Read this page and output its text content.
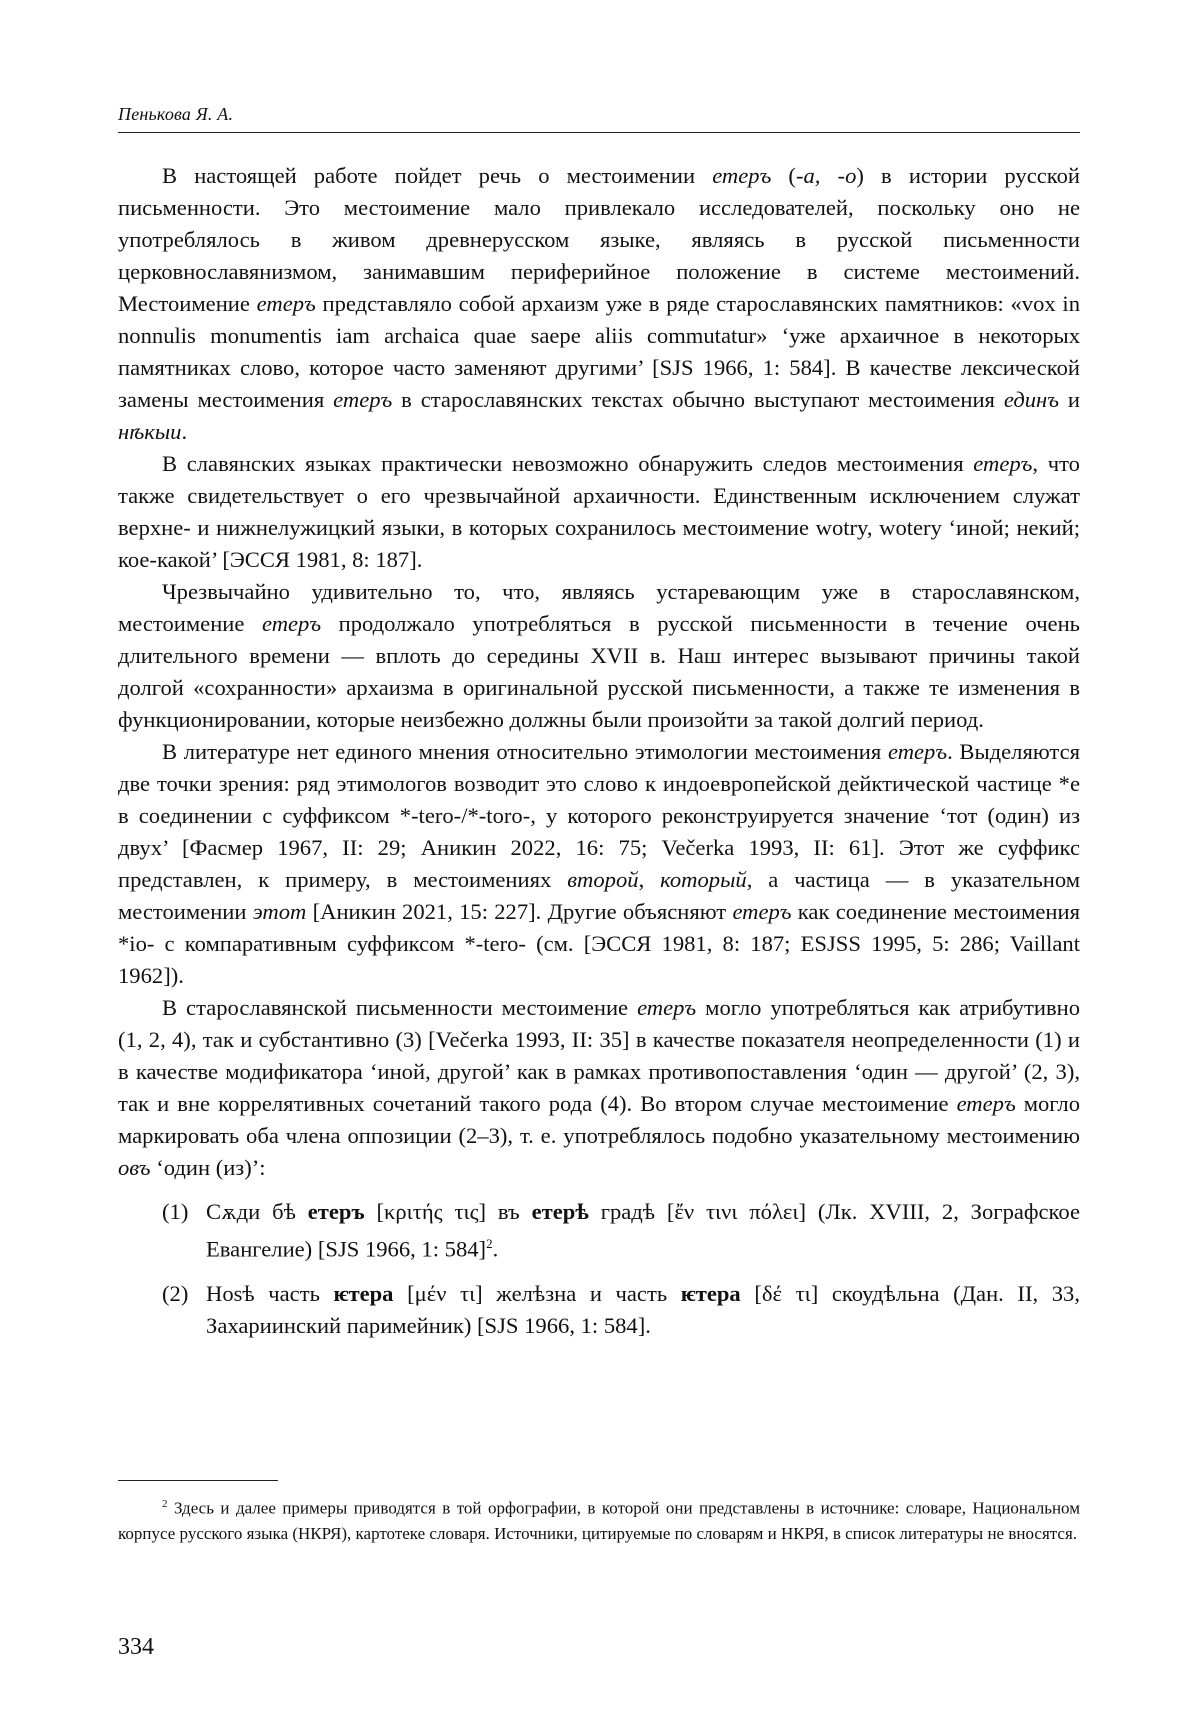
Пенькова Я. А.

В настоящей работе пойдет речь о местоимении етеръ (-а, -о) в истории русской письменности. Это местоимение мало привлекало исследователей, поскольку оно не употреблялось в живом древнерусском языке, являясь в русской письменности церковнославянизмом, занимавшим периферийное положение в системе местоимений. Местоимение етеръ представляло собой архаизм уже в ряде старославянских памятников: «vox in nonnulis monumentis iam archaica quae saepe aliis commutatur» ‘уже архаичное в некоторых памятниках слово, которое часто заменяют другими’ [SJS 1966, 1: 584]. В качестве лексической замены местоимения етеръ в старославянских текстах обычно выступают местоимения единъ и нѣкыи.

В славянских языках практически невозможно обнаружить следов местоимения етеръ, что также свидетельствует о его чрезвычайной архаичности. Единственным исключением служат верхне- и нижнелужицкий языки, в которых сохранилось местоимение wotry, wotery ‘иной; некий; кое-какой’ [ЭССЯ 1981, 8: 187].

Чрезвычайно удивительно то, что, являясь устаревающим уже в старославянском, местоимение етеръ продолжало употребляться в русской письменности в течение очень длительного времени — вплоть до середины XVII в. Наш интерес вызывают причины такой долгой «сохранности» архаизма в оригинальной русской письменности, а также те изменения в функционировании, которые неизбежно должны были произойти за такой долгий период.

В литературе нет единого мнения относительно этимологии местоимения етеръ. Выделяются две точки зрения: ряд этимологов возводит это слово к индоевропейской дейктической частице *e в соединении с суффиксом *-tero-/*-toro-, у которого реконструируется значение ‘тот (один) из двух’ [Фасмер 1967, II: 29; Аникин 2022, 16: 75; Večerka 1993, II: 61]. Этот же суффикс представлен, к примеру, в местоимениях второй, который, а частица — в указательном местоимении этот [Аникин 2021, 15: 227]. Другие объясняют етеръ как соединение местоимения *io- с компаративным суффиксом *-tero- (см. [ЭССЯ 1981, 8: 187; ESJSS 1995, 5: 286; Vaillant 1962]).

В старославянской письменности местоимение етеръ могло употребляться как атрибутивно (1, 2, 4), так и субстантивно (3) [Večerka 1993, II: 35] в качестве показателя неопределенности (1) и в качестве модификатора ‘иной, другой’ как в рамках противопоставления ‘один — другой’ (2, 3), так и вне коррелятивных сочетаний такого рода (4). Во втором случае местоимение етеръ могло маркировать оба члена оппозиции (2–3), т. е. употреблялось подобно указательному местоимению овъ ‘один (из)’:

(1) Сѫди бѣ етеръ [κριτής τις] въ етерѣ градѣ [ἔν τινι πόλει] (Лк. XVIII, 2, Зографское Евангелие) [SJS 1966, 1: 584]$^2$.
(2) Ноѕѣ часть ѥтера [μέν τι] желѣзна и часть ѥтера [δέ τι] скоудѣльна (Дан. II, 33, Захариинский паримейник) [SJS 1966, 1: 584].
$^2$ Здесь и далее примеры приводятся в той орфографии, в которой они представлены в источнике: словаре, Национальном корпусе русского языка (НКРЯ), картотеке словаря. Источники, цитируемые по словарям и НКРЯ, в список литературы не вносятся.
334
